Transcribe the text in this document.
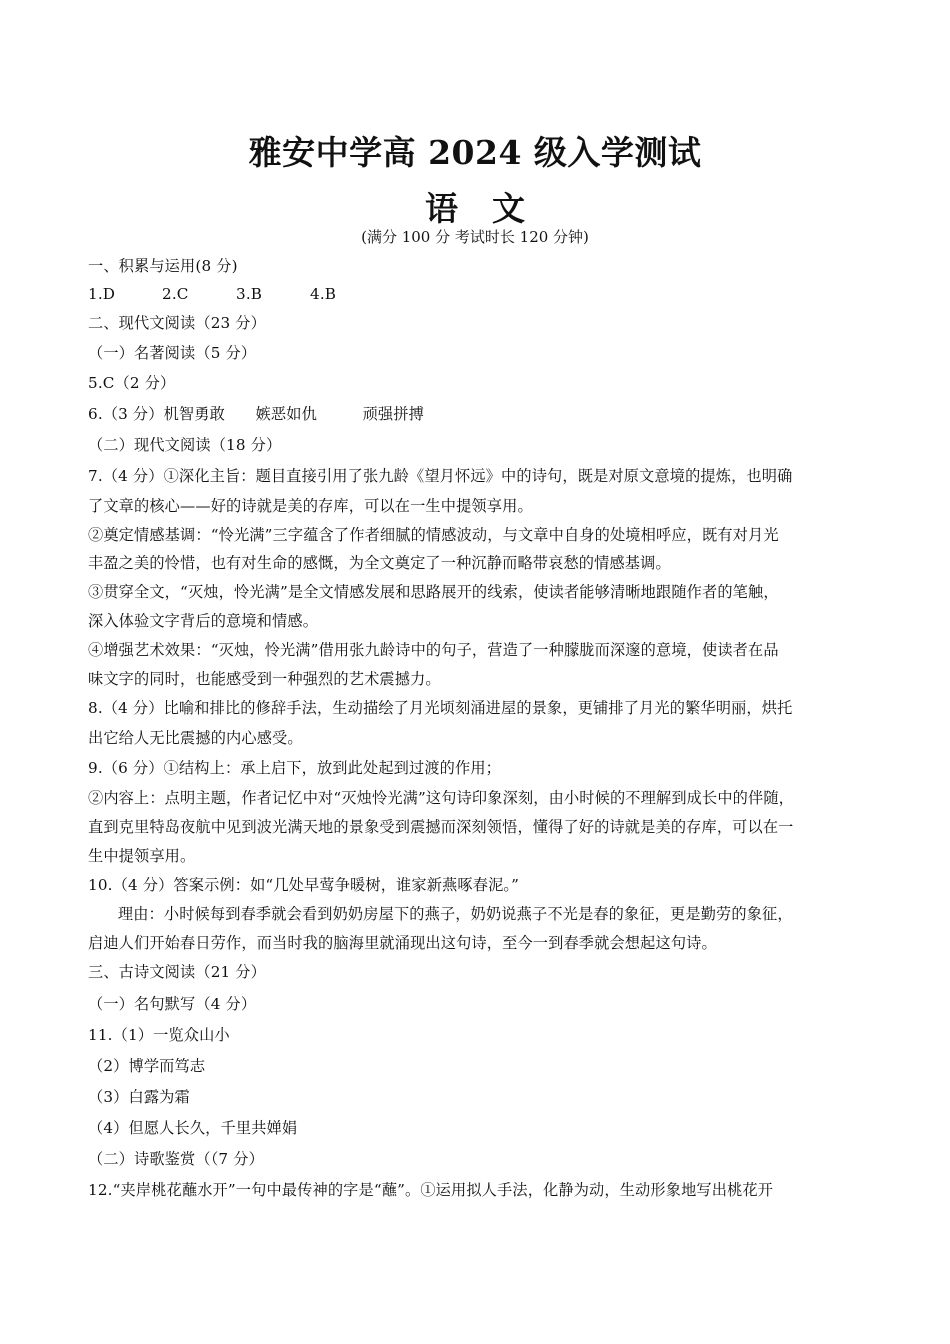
雅安中学高 2024 级入学测试
语文
(满分 100 分 考试时长 120 分钟)
一、积累与运用(8 分)
1.D	2.C	3.B	4.B
二、现代文阅读（23 分）
（一）名著阅读（5 分）
5.C（2 分）
6.（3 分）机智勇敢 嫉恶如仇	顽强拼搏
（二）现代文阅读（18 分）
7.（4 分）①深化主旨：题目直接引用了张九龄《望月怀远》中的诗句，既是对原文意境的提炼，也明确
了文章的核心——好的诗就是美的存库，可以在一生中提领享用。
②奠定情感基调：“怜光满”三字蕴含了作者细腻的情感波动，与文章中自身的处境相呼应，既有对月光
丰盈之美的怜惜，也有对生命的感慨，为全文奠定了一种沉静而略带哀愁的情感基调。
③贯穿全文，“灭烛，怜光满”是全文情感发展和思路展开的线索，使读者能够清晰地跟随作者的笔触，
深入体验文字背后的意境和情感。
④增强艺术效果：“灭烛，怜光满”借用张九龄诗中的句子，营造了一种朦胧而深邃的意境，使读者在品
味文字的同时，也能感受到一种强烈的艺术震撼力。
8.（4 分）比喻和排比的修辞手法，生动描绘了月光顷刻涌进屋的景象，更铺排了月光的繁华明丽，烘托
出它给人无比震撼的内心感受。
9.（6 分）①结构上：承上启下，放到此处起到过渡的作用；
②内容上：点明主题，作者记忆中对“灭烛怜光满”这句诗印象深刻，由小时候的不理解到成长中的伴随，
直到克里特岛夜航中见到波光满天地的景象受到震撼而深刻领悟，懂得了好的诗就是美的存库，可以在一
生中提领享用。
10.（4 分）答案示例：如“几处早莺争暖树，谁家新燕啄春泥。”
理由：小时候每到春季就会看到奶奶房屋下的燕子，奶奶说燕子不光是春的象征，更是勤劳的象征，
启迪人们开始春日劳作，而当时我的脑海里就涌现出这句诗，至今一到春季就会想起这句诗。
三、古诗文阅读（21 分）
（一）名句默写（4 分）
11.（1）一览众山小
（2）博学而笃志
（3）白露为霜
（4）但愿人长久，千里共婵娟
（二）诗歌鉴赏（（7 分）
12.“夹岸桃花蘸水开”一句中最传神的字是“蘸”。①运用拟人手法，化静为动，生动形象地写出桃花开
